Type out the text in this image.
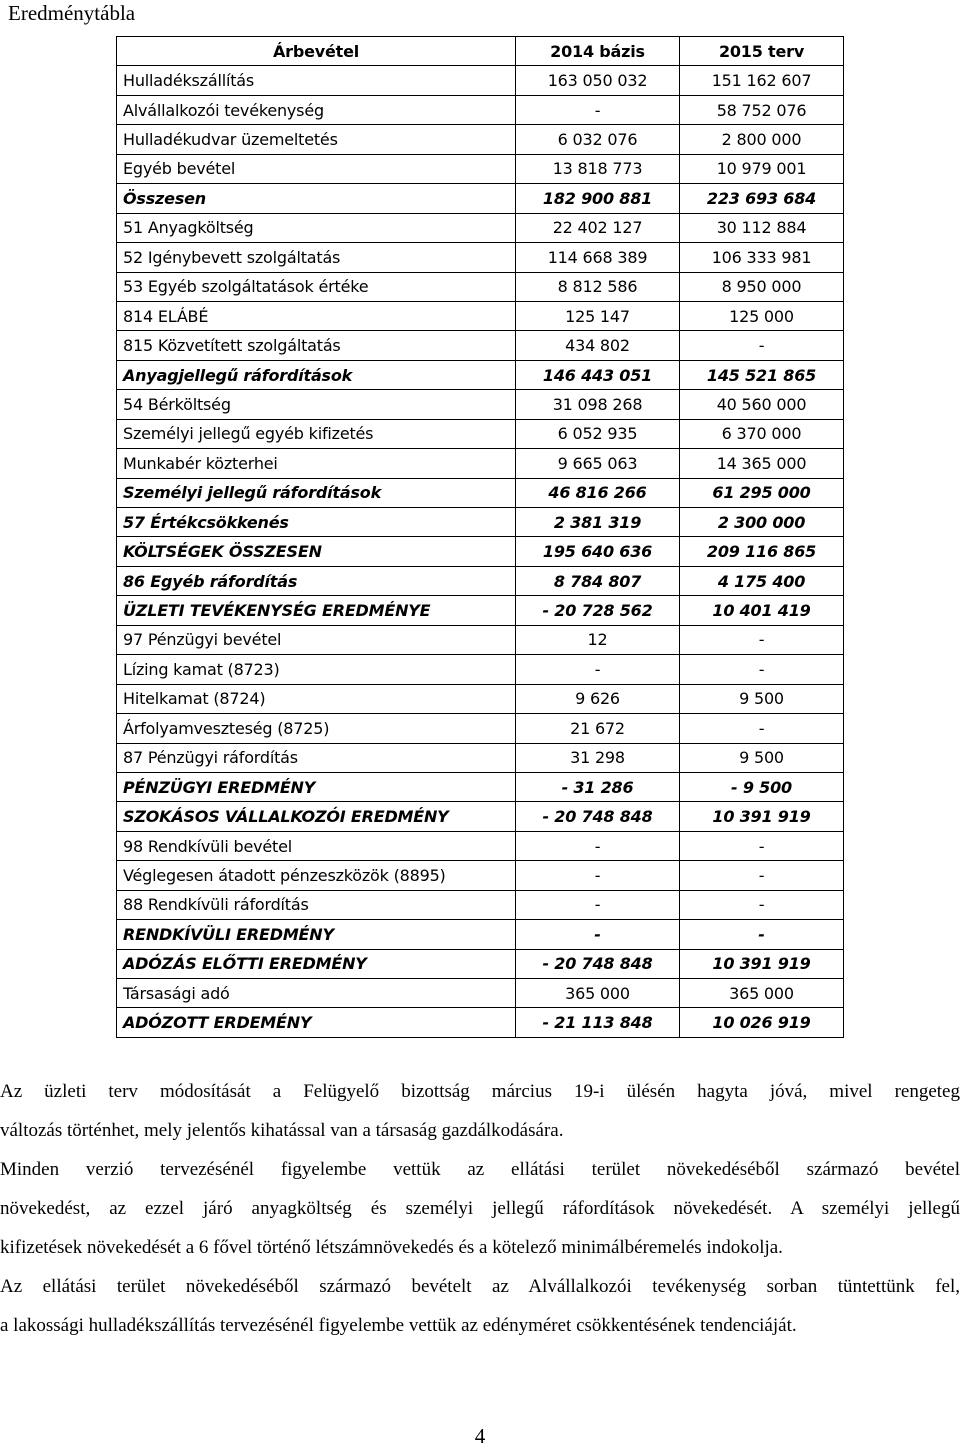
Eredménytábla
Árbevétel	2014 bázis	2015 terv
Hulladékszállítás	163 050 032	151 162 607
Alvállalkozói tevékenység	-	58 752 076
Hulladékudvar üzemeltetés	6 032 076	2 800 000
Egyéb bevétel	13 818 773	10 979 001
Összesen	182 900 881	223 693 684
51 Anyagköltség	22 402 127	30 112 884
52 Igénybevett szolgáltatás	114 668 389	106 333 981
53 Egyéb szolgáltatások értéke	8 812 586	8 950 000
814 ELÁBÉ	125 147	125 000
815 Közvetített szolgáltatás	434 802	-
Anyagjellegű ráfordítások	146 443 051	145 521 865
54 Bérköltség	31 098 268	40 560 000
Személyi jellegű egyéb kifizetés	6 052 935	6 370 000
Munkabér közterhei	9 665 063	14 365 000
Személyi jellegű ráfordítások	46 816 266	61 295 000
57 Értékcsökkenés	2 381 319	2 300 000
KÖLTSÉGEK ÖSSZESEN	195 640 636	209 116 865
86 Egyéb ráfordítás	8 784 807	4 175 400
ÜZLETI TEVÉKENYSÉG EREDMÉNYE	- 20 728 562	10 401 419
97 Pénzügyi bevétel	12	-
Lízing kamat (8723)	-	-
Hitelkamat (8724)	9 626	9 500
Árfolyamveszteség (8725)	21 672	-
87 Pénzügyi ráfordítás	31 298	9 500
PÉNZÜGYI EREDMÉNY	- 31 286	- 9 500
SZOKÁSOS VÁLLALKOZÓI EREDMÉNY	- 20 748 848	10 391 919
98 Rendkívüli bevétel	-	-
Véglegesen átadott pénzeszközök (8895)	-	-
88 Rendkívüli ráfordítás	-	-
RENDKÍVÜLI EREDMÉNY	-	-
ADÓZÁS ELŐTTI EREDMÉNY	- 20 748 848	10 391 919
Társasági adó	365 000	365 000
ADÓZOTT ERDEMÉNY	- 21 113 848	10 026 919
Az üzleti terv módosítását a Felügyelő bizottság március 19-i ülésén hagyta jóvá, mivel rengeteg
változás történhet, mely jelentős kihatással van a társaság gazdálkodására.
Minden verzió tervezésénél figyelembe vettük az ellátási terület növekedéséből származó bevétel
növekedést, az ezzel járó anyagköltség és személyi jellegű ráfordítások növekedését. A személyi jellegű
kifizetések növekedését a 6 fővel történő létszámnövekedés és a kötelező minimálbéremelés indokolja.
Az ellátási terület növekedéséből származó bevételt az Alvállalkozói tevékenység sorban tüntettünk fel,
a lakossági hulladékszállítás tervezésénél figyelembe vettük az edényméret csökkentésének tendenciáját.
4
